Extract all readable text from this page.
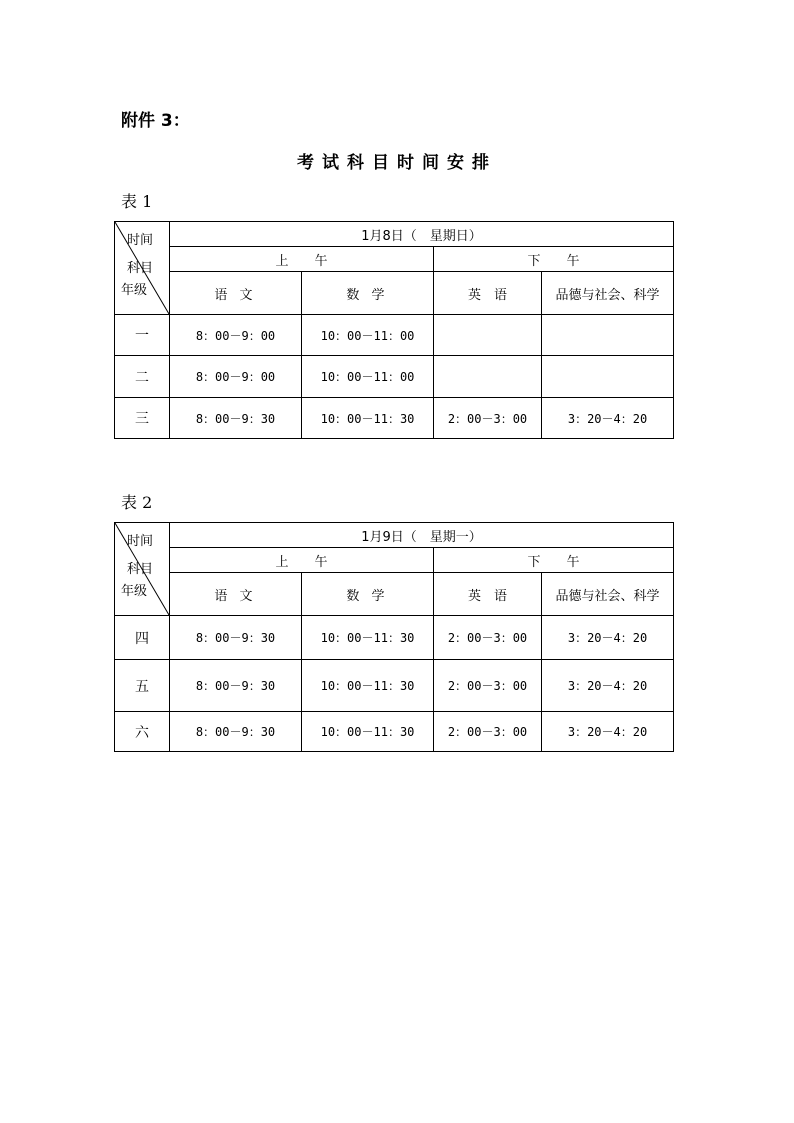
附件 3：
考试科目时间安排
表 1
时间
科目
年级	1月8日（　星期日）			
	上　　午		下　　午	
	语 文	数 学	英　语	品德与社会、科学
一	8：00－9：00	10：00－11：00		
二	8：00－9：00	10：00－11：00		
三	8：00－9：30	10：00－11：30	2：00－3：00	3：20－4：20
表 2
时间
科目
年级	1月9日（　星期一）			
	上　　午		下　　午	
	语 文	数 学	英　语	品德与社会、科学
四	8：00－9：30	10：00－11：30	2：00－3：00	3：20－4：20
五	8：00－9：30	10：00－11：30	2：00－3：00	3：20－4：20
六	8：00－9：30	10：00－11：30	2：00－3：00	3：20－4：20
